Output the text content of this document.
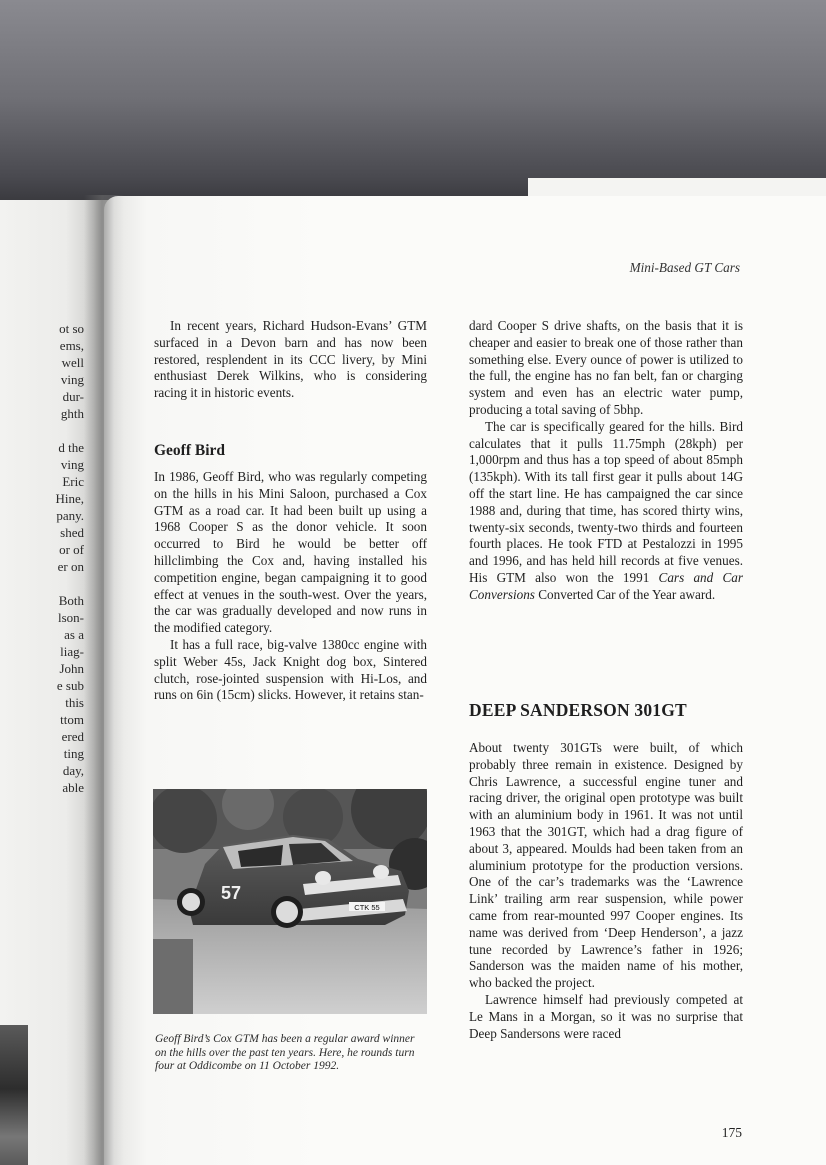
ot so
ems,
well
ving
dur-
ghth
d the
ving
Eric
Hine,
pany.
shed
or of
er on
Both
lson-
as a
liag-
John
e sub
this
ttom
ered
ting
day,
able
Mini-Based GT Cars

In recent years, Richard Hudson-Evans’ GTM surfaced in a Devon barn and has now been restored, resplendent in its CCC livery, by Mini enthusiast Derek Wilkins, who is considering racing it in historic events.

Geoff Bird

In 1986, Geoff Bird, who was regularly competing on the hills in his Mini Saloon, purchased a Cox GTM as a road car. It had been built up using a 1968 Cooper S as the donor vehicle. It soon occurred to Bird he would be better off hillclimbing the Cox and, having installed his competition engine, began campaigning it to good effect at venues in the south-west. Over the years, the car was gradually developed and now runs in the modified category.

It has a full race, big-valve 1380cc engine with split Weber 45s, Jack Knight dog box, Sintered clutch, rose-jointed suspension with Hi-Los, and runs on 6in (15cm) slicks. However, it retains stan-

CTK 55
57
Geoff Bird’s Cox GTM has been a regular award winner on the hills over the past ten years. Here, he rounds turn four at Oddicombe on 11 October 1992.

dard Cooper S drive shafts, on the basis that it is cheaper and easier to break one of those rather than something else. Every ounce of power is utilized to the full, the engine has no fan belt, fan or charging system and even has an electric water pump, producing a total saving of 5bhp.

The car is specifically geared for the hills. Bird calculates that it pulls 11.75mph (28kph) per 1,000rpm and thus has a top speed of about 85mph (135kph). With its tall first gear it pulls about 14G off the start line. He has campaigned the car since 1988 and, during that time, has scored thirty wins, twenty-six seconds, twenty-two thirds and fourteen fourth places. He took FTD at Pestalozzi in 1995 and 1996, and has held hill records at five venues. His GTM also won the 1991 Cars and Car Conversions Converted Car of the Year award.

DEEP SANDERSON 301GT

About twenty 301GTs were built, of which probably three remain in existence. Designed by Chris Lawrence, a successful engine tuner and racing driver, the original open prototype was built with an aluminium body in 1961. It was not until 1963 that the 301GT, which had a drag figure of about 3, appeared. Moulds had been taken from an aluminium prototype for the production versions. One of the car’s trademarks was the ‘Lawrence Link’ trailing arm rear suspension, while power came from rear-mounted 997 Cooper engines. Its name was derived from ‘Deep Henderson’, a jazz tune recorded by Lawrence’s father in 1926; Sanderson was the maiden name of his mother, who backed the project.

Lawrence himself had previously competed at Le Mans in a Morgan, so it was no surprise that Deep Sandersons were raced

175
